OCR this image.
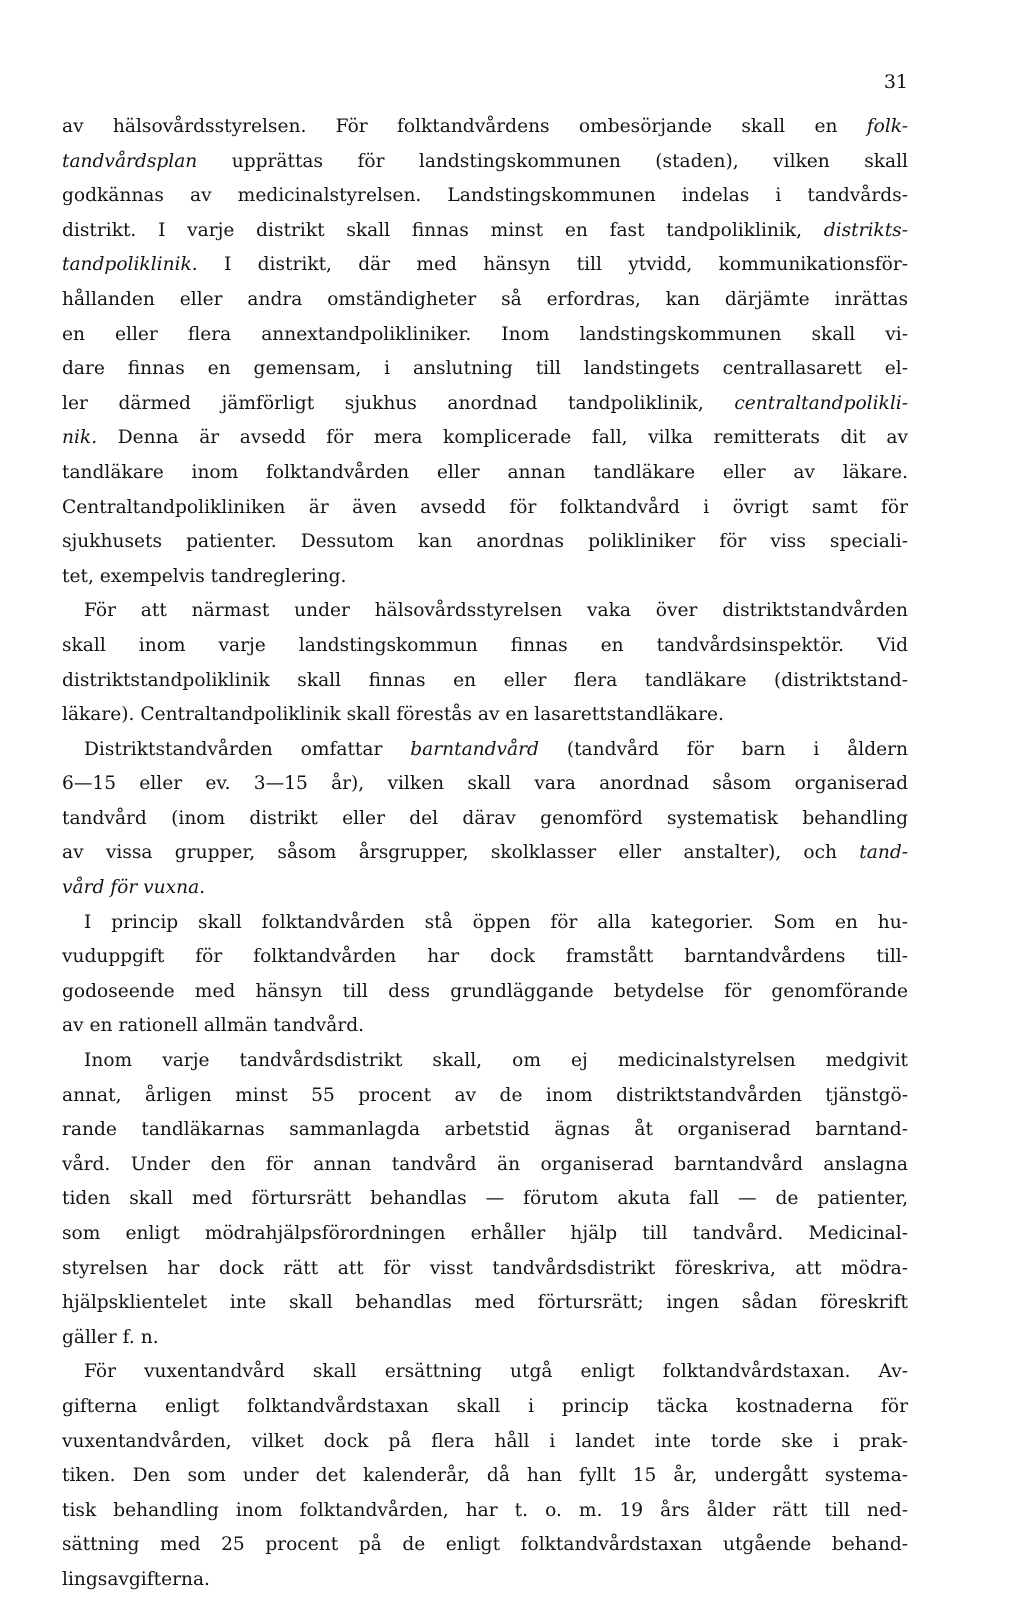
31
av hälsovårdsstyrelsen. För folktandvårdens ombesörjande skall en folk-
tandvårdsplan upprättas för landstingskommunen (staden), vilken skall
godkännas av medicinalstyrelsen. Landstingskommunen indelas i tandvårds-
distrikt. I varje distrikt skall finnas minst en fast tandpoliklinik, distrikts-
tandpoliklinik. I distrikt, där med hänsyn till ytvidd, kommunikationsför-
hållanden eller andra omständigheter så erfordras, kan därjämte inrättas
en eller flera annextandpolikliniker. Inom landstingskommunen skall vi-
dare finnas en gemensam, i anslutning till landstingets centrallasarett el-
ler därmed jämförligt sjukhus anordnad tandpoliklinik, centraltandpolikli-
nik. Denna är avsedd för mera komplicerade fall, vilka remitterats dit av
tandläkare inom folktandvården eller annan tandläkare eller av läkare.
Centraltandpolikliniken är även avsedd för folktandvård i övrigt samt för
sjukhusets patienter. Dessutom kan anordnas polikliniker för viss speciali-
tet, exempelvis tandreglering.
För att närmast under hälsovårdsstyrelsen vaka över distriktstandvården
skall inom varje landstingskommun finnas en tandvårdsinspektör. Vid
distriktstandpoliklinik skall finnas en eller flera tandläkare (distriktstand-
läkare). Centraltandpoliklinik skall förestås av en lasarettstandläkare.
Distriktstandvården omfattar barntandvård (tandvård för barn i åldern
6—15 eller ev. 3—15 år), vilken skall vara anordnad såsom organiserad
tandvård (inom distrikt eller del därav genomförd systematisk behandling
av vissa grupper, såsom årsgrupper, skolklasser eller anstalter), och tand-
vård för vuxna.
I princip skall folktandvården stå öppen för alla kategorier. Som en hu-
vuduppgift för folktandvården har dock framstått barntandvårdens till-
godoseende med hänsyn till dess grundläggande betydelse för genomförande
av en rationell allmän tandvård.
Inom varje tandvårdsdistrikt skall, om ej medicinalstyrelsen medgivit
annat, årligen minst 55 procent av de inom distriktstandvården tjänstgö-
rande tandläkarnas sammanlagda arbetstid ägnas åt organiserad barntand-
vård. Under den för annan tandvård än organiserad barntandvård anslagna
tiden skall med förtursrätt behandlas — förutom akuta fall — de patienter,
som enligt mödrahjälpsförordningen erhåller hjälp till tandvård. Medicinal-
styrelsen har dock rätt att för visst tandvårdsdistrikt föreskriva, att mödra-
hjälpsklientelet inte skall behandlas med förtursrätt; ingen sådan föreskrift
gäller f. n.
För vuxentandvård skall ersättning utgå enligt folktandvårdstaxan. Av-
gifterna enligt folktandvårdstaxan skall i princip täcka kostnaderna för
vuxentandvården, vilket dock på flera håll i landet inte torde ske i prak-
tiken. Den som under det kalenderår, då han fyllt 15 år, undergått systema-
tisk behandling inom folktandvården, har t. o. m. 19 års ålder rätt till ned-
sättning med 25 procent på de enligt folktandvårdstaxan utgående behand-
lingsavgifterna.
